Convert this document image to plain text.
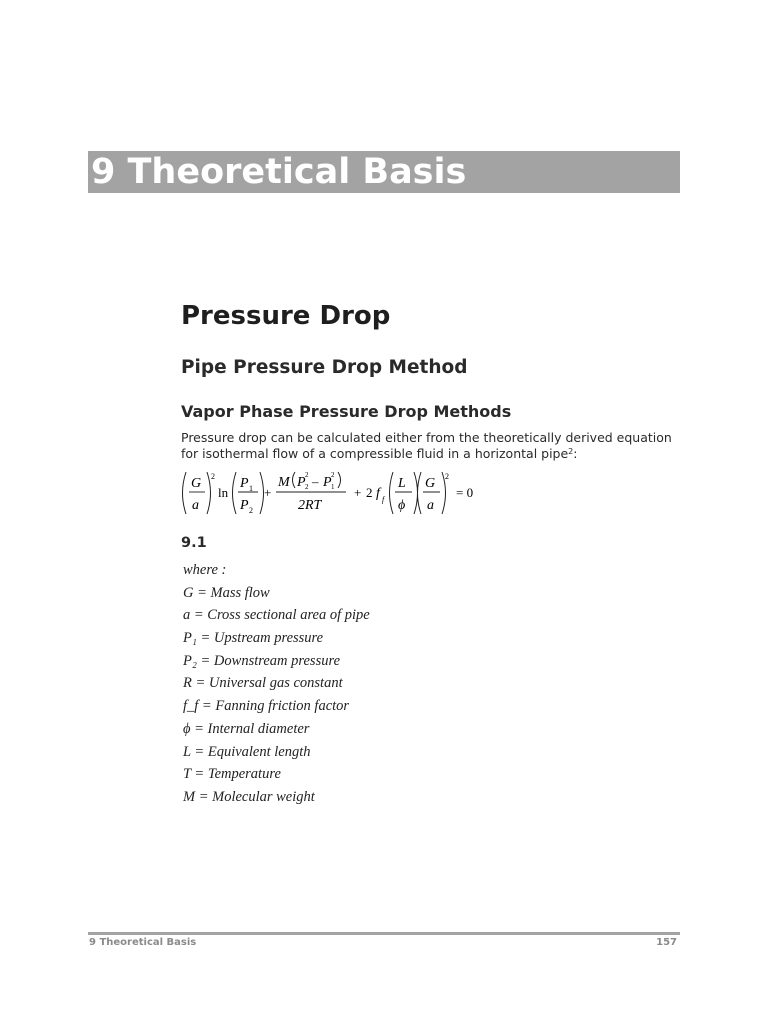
9 Theoretical Basis
Pressure Drop
Pipe Pressure Drop Method
Vapor Phase Pressure Drop Methods
Pressure drop can be calculated either from the theoretically derived equation for isothermal flow of a compressible fluid in a horizontal pipe$^2$:
G
a
2
ln
P 1
P 2
+
M P 2
2 – P 2
1
2RT
+ 2 f f
L
ϕ
G
a
2
= 0
9.1
where :
G = Mass flow
a = Cross sectional area of pipe
P₁ = Upstream pressure
P₂ = Downstream pressure
R = Universal gas constant
f_f = Fanning friction factor
ϕ = Internal diameter
L = Equivalent length
T = Temperature
M = Molecular weight
9 Theoretical Basis	157
